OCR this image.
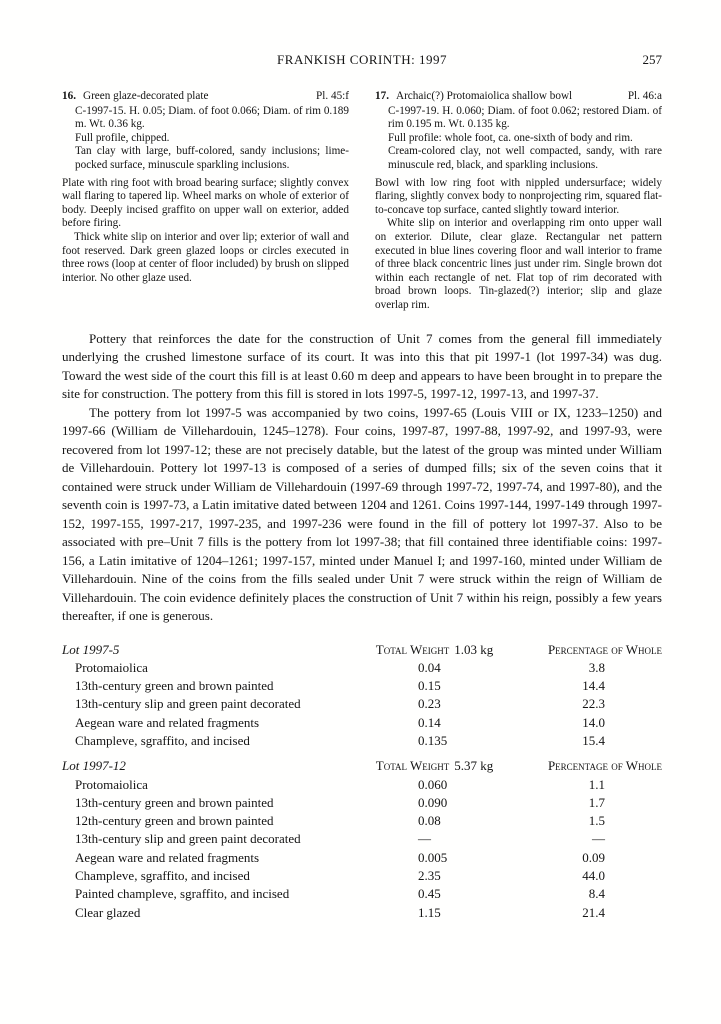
FRANKISH CORINTH: 1997	257
16. Green glaze-decorated plate	Pl. 45:f

C-1997-15. H. 0.05; Diam. of foot 0.066; Diam. of rim 0.189 m. Wt. 0.36 kg.

Full profile, chipped.

Tan clay with large, buff-colored, sandy inclusions; lime-pocked surface, minuscule sparkling inclusions.

Plate with ring foot with broad bearing surface; slightly convex wall flaring to tapered lip. Wheel marks on whole of exterior of body. Deeply incised graffito on upper wall on exterior, added before firing.

Thick white slip on interior and over lip; exterior of wall and foot reserved. Dark green glazed loops or circles executed in three rows (loop at center of floor included) by brush on slipped interior. No other glaze used.

17. Archaic(?) Protomaiolica shallow bowl	Pl. 46:a

C-1997-19. H. 0.060; Diam. of foot 0.062; restored Diam. of rim 0.195 m. Wt. 0.135 kg.

Full profile: whole foot, ca. one-sixth of body and rim.

Cream-colored clay, not well compacted, sandy, with rare minuscule red, black, and sparkling inclusions.

Bowl with low ring foot with nippled undersurface; widely flaring, slightly convex body to nonprojecting rim, squared flat-to-concave top surface, canted slightly toward interior.

White slip on interior and overlapping rim onto upper wall on exterior. Dilute, clear glaze. Rectangular net pattern executed in blue lines covering floor and wall interior to frame of three black concentric lines just under rim. Single brown dot within each rectangle of net. Flat top of rim decorated with broad brown loops. Tin-glazed(?) interior; slip and glaze overlap rim.

Pottery that reinforces the date for the construction of Unit 7 comes from the general fill immediately underlying the crushed limestone surface of its court. It was into this that pit 1997-1 (lot 1997-34) was dug. Toward the west side of the court this fill is at least 0.60 m deep and appears to have been brought in to prepare the site for construction. The pottery from this fill is stored in lots 1997-5, 1997-12, 1997-13, and 1997-37.

The pottery from lot 1997-5 was accompanied by two coins, 1997-65 (Louis VIII or IX, 1233–1250) and 1997-66 (William de Villehardouin, 1245–1278). Four coins, 1997-87, 1997-88, 1997-92, and 1997-93, were recovered from lot 1997-12; these are not precisely datable, but the latest of the group was minted under William de Villehardouin. Pottery lot 1997-13 is composed of a series of dumped fills; six of the seven coins that it contained were struck under William de Villehardouin (1997-69 through 1997-72, 1997-74, and 1997-80), and the seventh coin is 1997-73, a Latin imitative dated between 1204 and 1261. Coins 1997-144, 1997-149 through 1997-152, 1997-155, 1997-217, 1997-235, and 1997-236 were found in the fill of pottery lot 1997-37. Also to be associated with pre–Unit 7 fills is the pottery from lot 1997-38; that fill contained three identifiable coins: 1997-156, a Latin imitative of 1204–1261; 1997-157, minted under Manuel I; and 1997-160, minted under William de Villehardouin. Nine of the coins from the fills sealed under Unit 7 were struck within the reign of William de Villehardouin. The coin evidence definitely places the construction of Unit 7 within his reign, possibly a few years thereafter, if one is generous.

Lot 1997-5	Total Weight 1.03 kg	Percentage of Whole
Protomaiolica	0.04	3.8
13th-century green and brown painted	0.15	14.4
13th-century slip and green paint decorated	0.23	22.3
Aegean ware and related fragments	0.14	14.0
Champleve, sgraffito, and incised	0.135	15.4
Lot 1997-12	Total Weight 5.37 kg	Percentage of Whole
Protomaiolica	0.060	1.1
13th-century green and brown painted	0.090	1.7
12th-century green and brown painted	0.08	1.5
13th-century slip and green paint decorated	—	—
Aegean ware and related fragments	0.005	0.09
Champleve, sgraffito, and incised	2.35	44.0
Painted champleve, sgraffito, and incised	0.45	8.4
Clear glazed	1.15	21.4
